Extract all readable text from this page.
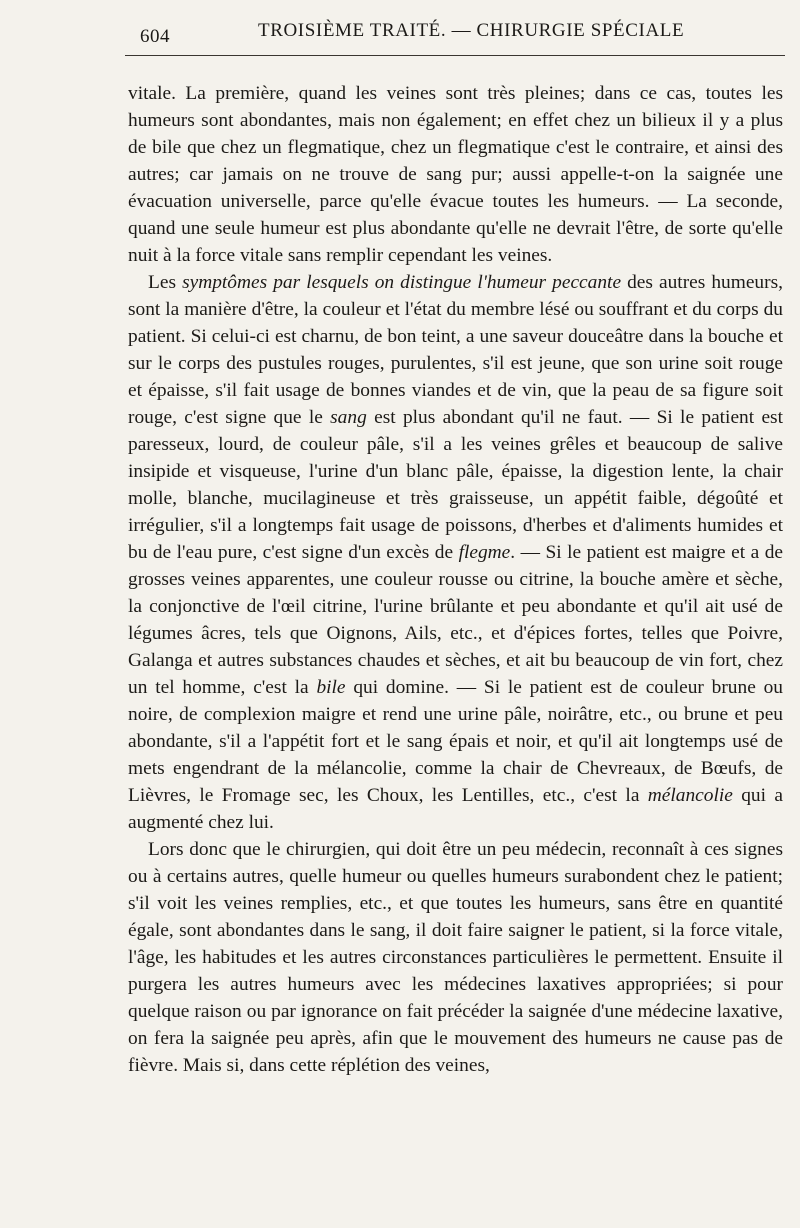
604	TROISIÈME TRAITÉ. — CHIRURGIE SPÉCIALE

vitale. La première, quand les veines sont très pleines; dans ce cas, toutes les humeurs sont abondantes, mais non également; en effet chez un bilieux il y a plus de bile que chez un flegmatique, chez un flegmatique c'est le contraire, et ainsi des autres; car jamais on ne trouve de sang pur; aussi appelle-t-on la saignée une évacuation universelle, parce qu'elle évacue toutes les humeurs. — La seconde, quand une seule humeur est plus abondante qu'elle ne devrait l'être, de sorte qu'elle nuit à la force vitale sans remplir cependant les veines.

Les symptômes par lesquels on distingue l'humeur peccante des autres humeurs, sont la manière d'être, la couleur et l'état du membre lésé ou souffrant et du corps du patient. Si celui-ci est charnu, de bon teint, a une saveur douceâtre dans la bouche et sur le corps des pustules rouges, purulentes, s'il est jeune, que son urine soit rouge et épaisse, s'il fait usage de bonnes viandes et de vin, que la peau de sa figure soit rouge, c'est signe que le sang est plus abondant qu'il ne faut. — Si le patient est paresseux, lourd, de couleur pâle, s'il a les veines grêles et beaucoup de salive insipide et visqueuse, l'urine d'un blanc pâle, épaisse, la digestion lente, la chair molle, blanche, mucilagineuse et très graisseuse, un appétit faible, dégoûté et irrégulier, s'il a longtemps fait usage de poissons, d'herbes et d'aliments humides et bu de l'eau pure, c'est signe d'un excès de flegme. — Si le patient est maigre et a de grosses veines apparentes, une couleur rousse ou citrine, la bouche amère et sèche, la conjonctive de l'œil citrine, l'urine brûlante et peu abondante et qu'il ait usé de légumes âcres, tels que Oignons, Ails, etc., et d'épices fortes, telles que Poivre, Galanga et autres substances chaudes et sèches, et ait bu beaucoup de vin fort, chez un tel homme, c'est la bile qui domine. — Si le patient est de couleur brune ou noire, de complexion maigre et rend une urine pâle, noirâtre, etc., ou brune et peu abondante, s'il a l'appétit fort et le sang épais et noir, et qu'il ait longtemps usé de mets engendrant de la mélancolie, comme la chair de Chevreaux, de Bœufs, de Lièvres, le Fromage sec, les Choux, les Lentilles, etc., c'est la mélancolie qui a augmenté chez lui.

Lors donc que le chirurgien, qui doit être un peu médecin, reconnaît à ces signes ou à certains autres, quelle humeur ou quelles humeurs surabondent chez le patient; s'il voit les veines remplies, etc., et que toutes les humeurs, sans être en quantité égale, sont abondantes dans le sang, il doit faire saigner le patient, si la force vitale, l'âge, les habitudes et les autres circonstances particulières le permettent. Ensuite il purgera les autres humeurs avec les médecines laxatives appropriées; si pour quelque raison ou par ignorance on fait précéder la saignée d'une médecine laxative, on fera la saignée peu après, afin que le mouvement des humeurs ne cause pas de fièvre. Mais si, dans cette réplétion des veines,
